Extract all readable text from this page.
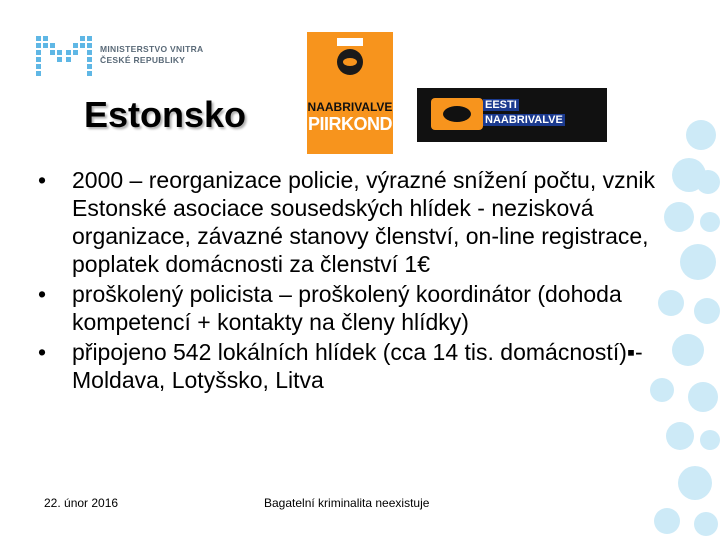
MINISTERSTVO VNITRA
ČESKÉ REPUBLIKY
Estonsko	NAABRIVALVE
PIIRKOND
EESTI
NAABRIVALVE
• 2000 – reorganizace policie, výrazné snížení počtu, vznik Estonské asociace sousedských hlídek - nezisková organizace, závazné stanovy členství, on-line registrace, poplatek domácnosti za členství 1€
• proškolený policista – proškolený koordinátor (dohoda kompetencí + kontakty na členy hlídky)
• připojeno 542 lokálních hlídek (cca 14 tis. domácností)▪- Moldava, Lotyšsko, Litva
22. únor 2016	Bagatelní kriminalita neexistuje
